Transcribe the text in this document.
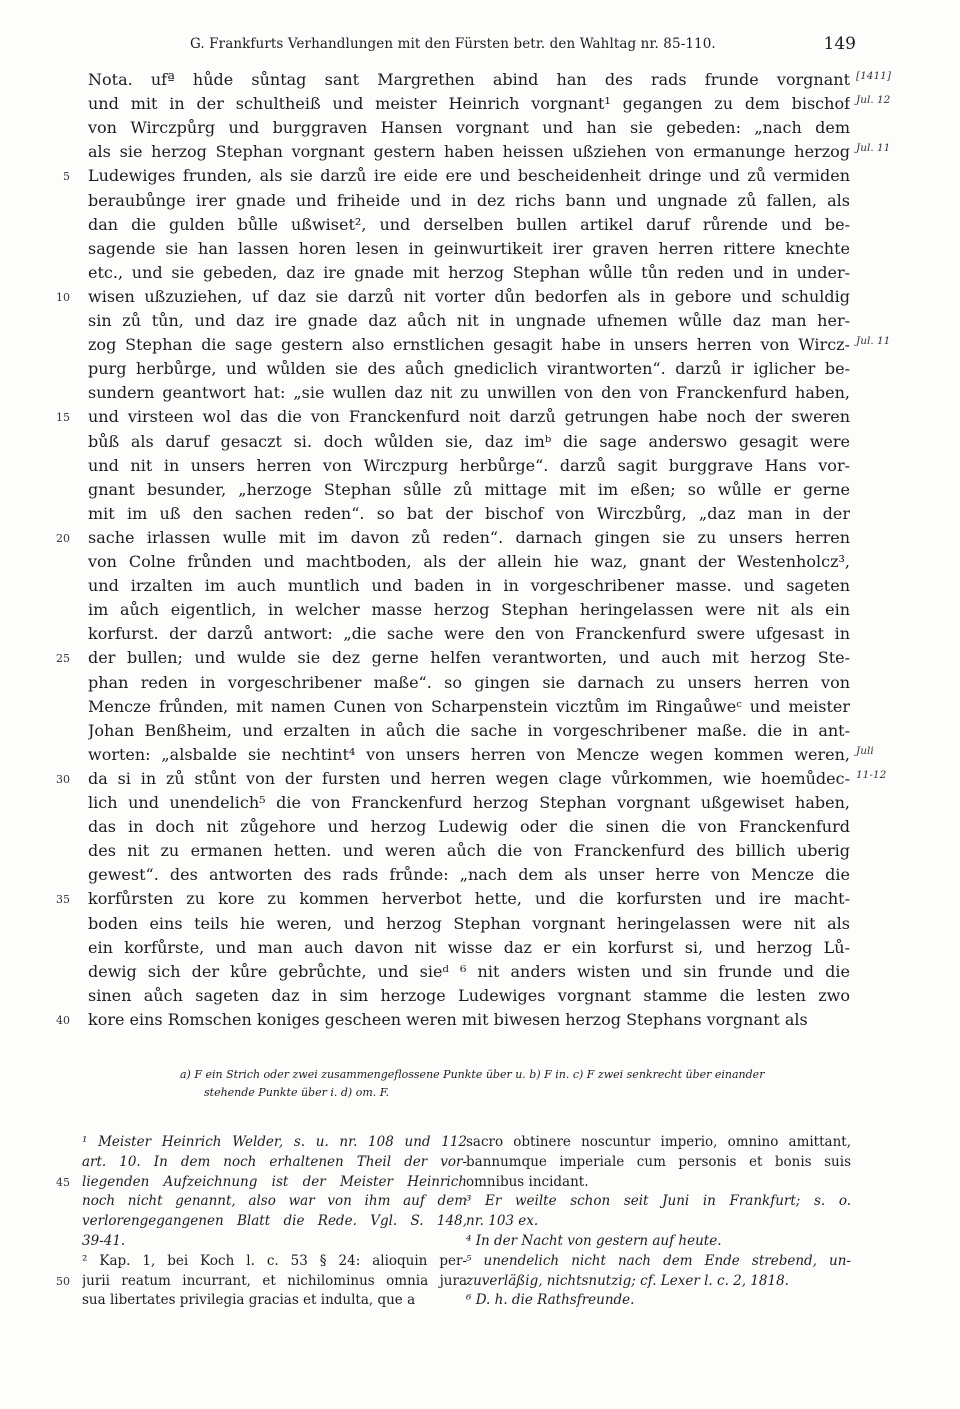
G. Frankfurts Verhandlungen mit den Fürsten betr. den Wahltag nr. 85-110.	149
Nota. ufª hůde sůntag sant Margrethen abind han des rads frunde vorgnant
und mit in der schultheiß und meister Heinrich vorgnant¹ gegangen zu dem bischof
von Wirczpůrg und burggraven Hansen vorgnant und han sie gebeden: „nach dem
als sie herzog Stephan vorgnant gestern haben heissen ußziehen von ermanunge herzog
Ludewiges frunden, als sie darzů ire eide ere und bescheidenheit dringe und zů vermiden
beraubůnge irer gnade und friheide und in dez richs bann und ungnade zů fallen, als
dan die gulden bůlle ußwiset², und derselben bullen artikel daruf růrende und be-
sagende sie han lassen horen lesen in geinwurtikeit irer graven herren rittere knechte
etc., und sie gebeden, daz ire gnade mit herzog Stephan wůlle tůn reden und in under-
wisen ußzuziehen, uf daz sie darzů nit vorter důn bedorfen als in gebore und schuldig
sin zů tůn, und daz ire gnade daz aůch nit in ungnade ufnemen wůlle daz man her-
zog Stephan die sage gestern also ernstlichen gesagit habe in unsers herren von Wircz-
purg herbůrge, und wůlden sie des aůch gnediclich virantworten“. darzů ir iglicher be-
sundern geantwort hat: „sie wullen daz nit zu unwillen von den von Franckenfurd haben,
und virsteen wol das die von Franckenfurd noit darzů getrungen habe noch der sweren
bůß als daruf gesaczt si. doch wůlden sie, daz imᵇ die sage anderswo gesagit were
und nit in unsers herren von Wirczpurg herbůrge“. darzů sagit burggrave Hans vor-
gnant besunder, „herzoge Stephan sůlle zů mittage mit im eßen; so wůlle er gerne
mit im uß den sachen reden“. so bat der bischof von Wirczbůrg, „daz man in der
sache irlassen wulle mit im davon zů reden“. darnach gingen sie zu unsers herren
von Colne frůnden und machtboden, als der allein hie waz, gnant der Westenholcz³,
und irzalten im auch muntlich und baden in in vorgeschribener masse. und sageten
im aůch eigentlich, in welcher masse herzog Stephan heringelassen were nit als ein
korfurst. der darzů antwort: „die sache were den von Franckenfurd swere ufgesast in
der bullen; und wulde sie dez gerne helfen verantworten, und auch mit herzog Ste-
phan reden in vorgeschribener maße“. so gingen sie darnach zu unsers herren von
Mencze frůnden, mit namen Cunen von Scharpenstein vicztům im Ringaůweᶜ und meister
Johan Benßheim, und erzalten in aůch die sache in vorgeschribener maße. die in ant-
worten: „alsbalde sie nechtint⁴ von unsers herren von Mencze wegen kommen weren,
da si in zů stůnt von der fursten und herren wegen clage vůrkommen, wie hoemůdec-
lich und unendelich⁵ die von Franckenfurd herzog Stephan vorgnant ußgewiset haben,
das in doch nit zůgehore und herzog Ludewig oder die sinen die von Franckenfurd
des nit zu ermanen hetten. und weren aůch die von Franckenfurd des billich uberig
gewest“. des antworten des rads frůnde: „nach dem als unser herre von Mencze die
korfůrsten zu kore zu kommen herverbot hette, und die korfursten und ire macht-
boden eins teils hie weren, und herzog Stephan vorgnant heringelassen were nit als
ein korfůrste, und man auch davon nit wisse daz er ein korfurst si, und herzog Lů-
dewig sich der kůre gebrůchte, und sieᵈ ⁶ nit anders wisten und sin frunde und die
sinen aůch sageten daz in sim herzoge Ludewiges vorgnant stamme die lesten zwo
kore eins Romschen koniges gescheen weren mit biwesen herzog Stephans vorgnant als
5
10
15
20
25
30
35
40
[1411]
Jul. 12
Jul. 11
Jul. 11
Juli
11-12
a) F ein Strich oder zwei zusammengeflossene Punkte über u. b) F in. c) F zwei senkrecht über einander
stehende Punkte über i. d) om. F.
¹ Meister Heinrich Welder, s. u. nr. 108 und 112
art. 10. In dem noch erhaltenen Theil der vor-
liegenden Aufzeichnung ist der Meister Heinrich
noch nicht genannt, also war von ihm auf dem
verlorengegangenen Blatt die Rede. Vgl. S. 148,
39-41.
² Kap. 1, bei Koch l. c. 53 § 24: alioquin per-
jurii reatum incurrant, et nichilominus omnia jura
sua libertates privilegia gracias et indulta, que a
sacro obtinere noscuntur imperio, omnino amittant,
bannumque imperiale cum personis et bonis suis
omnibus incidant.
³ Er weilte schon seit Juni in Frankfurt; s. o.
nr. 103 ex.
⁴ In der Nacht von gestern auf heute.
⁵ unendelich nicht nach dem Ende strebend, un-
zuverläßig, nichtsnutzig; cf. Lexer l. c. 2, 1818.
⁶ D. h. die Rathsfreunde.
45
50
